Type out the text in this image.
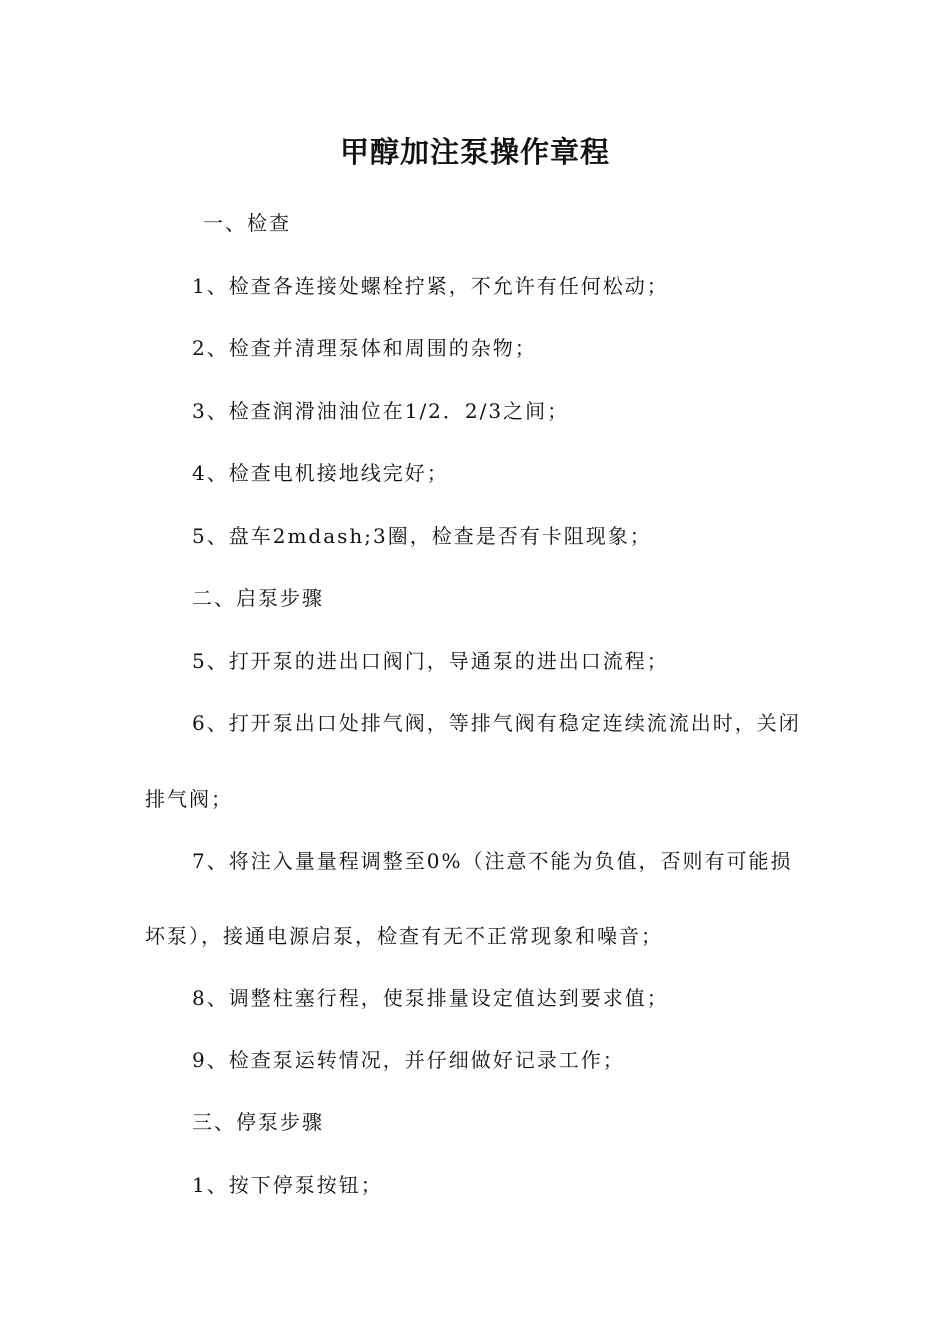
甲醇加注泵操作章程
一、检查
1、检查各连接处螺栓拧紧，不允许有任何松动；
2、检查并清理泵体和周围的杂物；
3、检查润滑油油位在1/2．2/3之间；
4、检查电机接地线完好；
5、盘车2mdash;3圈，检查是否有卡阻现象；
二、启泵步骤
5、打开泵的进出口阀门，导通泵的进出口流程；
6、打开泵出口处排气阀，等排气阀有稳定连续流流出时，关闭
排气阀；
7、将注入量量程调整至0%（注意不能为负值，否则有可能损
坏泵），接通电源启泵，检查有无不正常现象和噪音；
8、调整柱塞行程，使泵排量设定值达到要求值；
9、检查泵运转情况，并仔细做好记录工作；
三、停泵步骤
1、按下停泵按钮；
